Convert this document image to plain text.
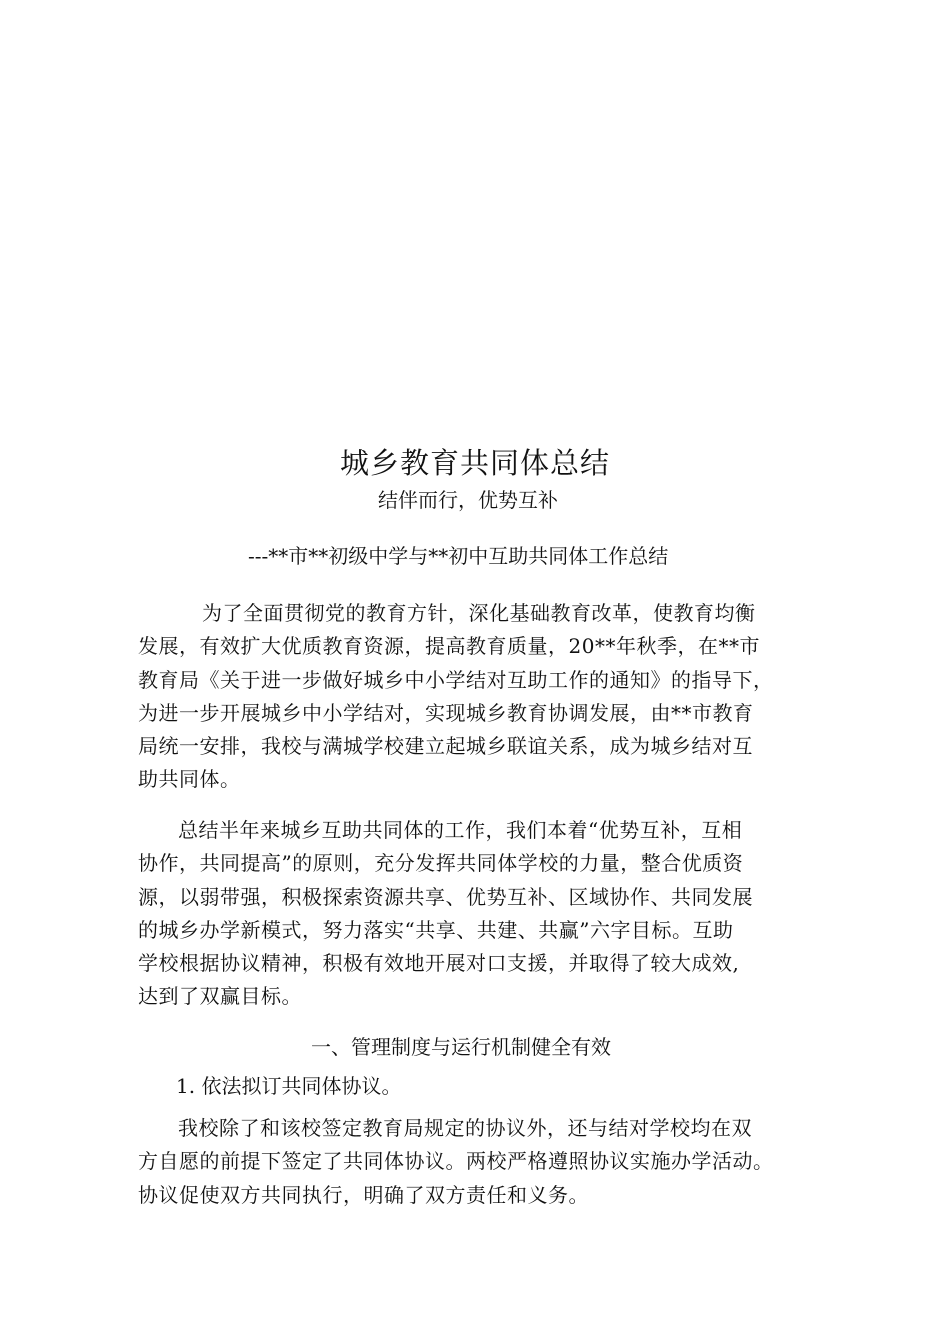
城乡教育共同体总结

结伴而行，优势互补

---**市**初级中学与**初中互助共同体工作总结

为了全面贯彻党的教育方针，深化基础教育改革，使教育均衡
发展，有效扩大优质教育资源，提高教育质量，20**年秋季，在**市
教育局《关于进一步做好城乡中小学结对互助工作的通知》的指导下，
为进一步开展城乡中小学结对，实现城乡教育协调发展，由**市教育
局统一安排，我校与满城学校建立起城乡联谊关系，成为城乡结对互
助共同体。

总结半年来城乡互助共同体的工作，我们本着“优势互补，互相
协作，共同提高”的原则，充分发挥共同体学校的力量，整合优质资
源，以弱带强，积极探索资源共享、优势互补、区域协作、共同发展
的城乡办学新模式，努力落实“共享、共建、共赢”六字目标。互助
学校根据协议精神，积极有效地开展对口支援，并取得了较大成效,
达到了双赢目标。

一、管理制度与运行机制健全有效

1. 依法拟订共同体协议。

我校除了和该校签定教育局规定的协议外，还与结对学校均在双
方自愿的前提下签定了共同体协议。两校严格遵照协议实施办学活动。
协议促使双方共同执行，明确了双方责任和义务。
